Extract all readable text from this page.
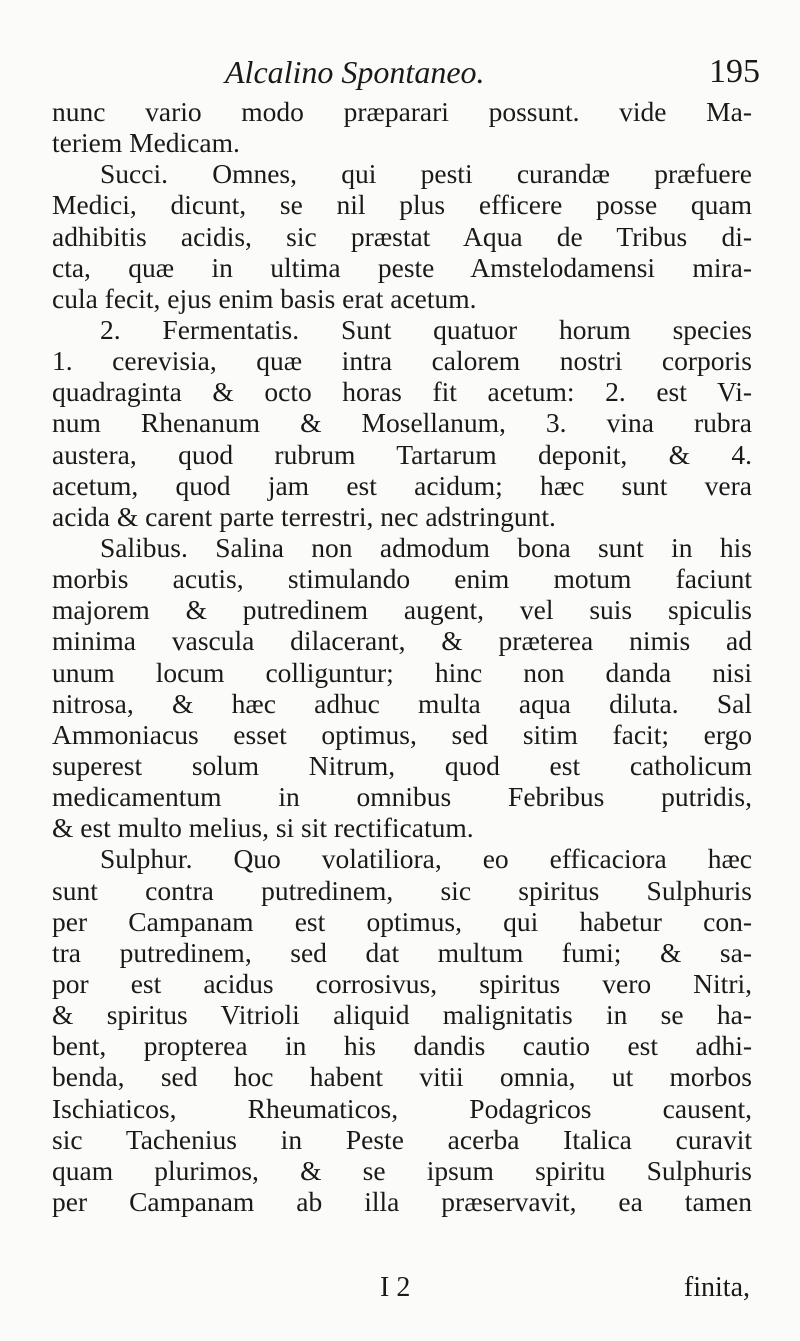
Alcalino Spontaneo.	195
nunc vario modo præparari possunt. vide Ma-
teriem Medicam.
Succi. Omnes, qui pesti curandæ præfuere
Medici, dicunt, se nil plus efficere posse quam
adhibitis acidis, sic præstat Aqua de Tribus di-
cta, quæ in ultima peste Amstelodamensi mira-
cula fecit, ejus enim basis erat acetum.
2. Fermentatis. Sunt quatuor horum species
1. cerevisia, quæ intra calorem nostri corporis
quadraginta & octo horas fit acetum: 2. est Vi-
num Rhenanum & Mosellanum, 3. vina rubra
austera, quod rubrum Tartarum deponit, & 4.
acetum, quod jam est acidum; hæc sunt vera
acida & carent parte terrestri, nec adstringunt.
Salibus. Salina non admodum bona sunt in his
morbis acutis, stimulando enim motum faciunt
majorem & putredinem augent, vel suis spiculis
minima vascula dilacerant, & præterea nimis ad
unum locum colliguntur; hinc non danda nisi
nitrosa, & hæc adhuc multa aqua diluta. Sal
Ammoniacus esset optimus, sed sitim facit; ergo
superest solum Nitrum, quod est catholicum
medicamentum in omnibus Febribus putridis,
& est multo melius, si sit rectificatum.
Sulphur. Quo volatiliora, eo efficaciora hæc
sunt contra putredinem, sic spiritus Sulphuris
per Campanam est optimus, qui habetur con-
tra putredinem, sed dat multum fumi; & sa-
por est acidus corrosivus, spiritus vero Nitri,
& spiritus Vitrioli aliquid malignitatis in se ha-
bent, propterea in his dandis cautio est adhi-
benda, sed hoc habent vitii omnia, ut morbos
Ischiaticos, Rheumaticos, Podagricos causent,
sic Tachenius in Peste acerba Italica curavit
quam plurimos, & se ipsum spiritu Sulphuris
per Campanam ab illa præservavit, ea tamen
I 2	finita,
